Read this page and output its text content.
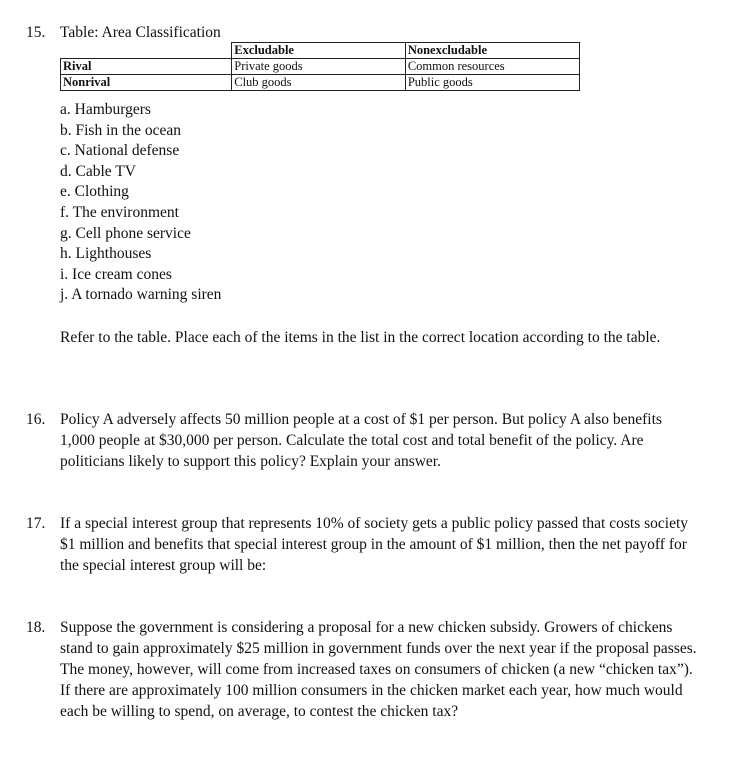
15. Table: Area Classification
	Excludable	Nonexcludable
Rival	Private goods	Common resources
Nonrival	Club goods	Public goods
a. Hamburgers
b. Fish in the ocean
c. National defense
d. Cable TV
e. Clothing
f. The environment
g. Cell phone service
h. Lighthouses
i. Ice cream cones
j. A tornado warning siren
Refer to the table. Place each of the items in the list in the correct location according to the table.
16. Policy A adversely affects 50 million people at a cost of $1 per person. But policy A also benefits 1,000 people at $30,000 per person. Calculate the total cost and total benefit of the policy. Are politicians likely to support this policy? Explain your answer.
17. If a special interest group that represents 10% of society gets a public policy passed that costs society $1 million and benefits that special interest group in the amount of $1 million, then the net payoff for the special interest group will be:
18. Suppose the government is considering a proposal for a new chicken subsidy. Growers of chickens stand to gain approximately $25 million in government funds over the next year if the proposal passes. The money, however, will come from increased taxes on consumers of chicken (a new “chicken tax”). If there are approximately 100 million consumers in the chicken market each year, how much would each be willing to spend, on average, to contest the chicken tax?
